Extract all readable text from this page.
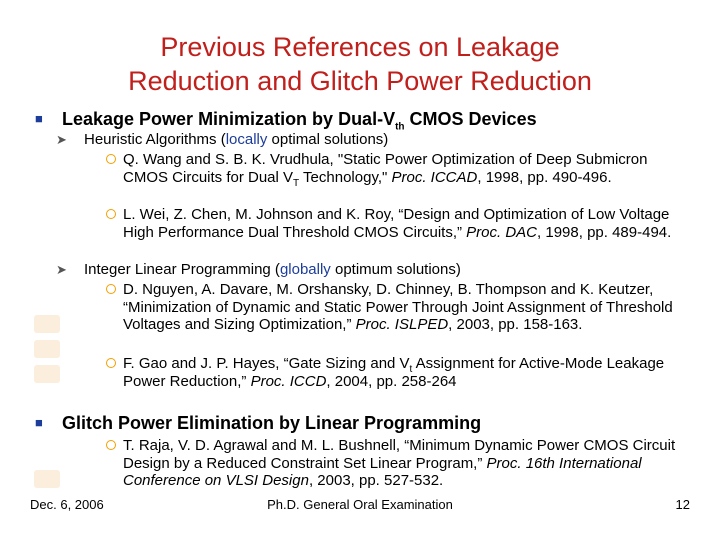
Previous References on Leakage
Reduction and Glitch Power Reduction
■ Leakage Power Minimization by Dual-$V_{th}$ CMOS Devices
➤ Heuristic Algorithms (locally optimal solutions)
Q. Wang and S. B. K. Vrudhula, "Static Power Optimization of Deep Submicron CMOS Circuits for Dual $V_T$ Technology," Proc. ICCAD, 1998, pp. 490-496.
L. Wei, Z. Chen, M. Johnson and K. Roy, “Design and Optimization of Low Voltage High Performance Dual Threshold CMOS Circuits,” Proc. DAC, 1998, pp. 489-494.
➤ Integer Linear Programming (globally optimum solutions)
D. Nguyen, A. Davare, M. Orshansky, D. Chinney, B. Thompson and K. Keutzer, “Minimization of Dynamic and Static Power Through Joint Assignment of Threshold Voltages and Sizing Optimization,” Proc. ISLPED, 2003, pp. 158-163.
F. Gao and J. P. Hayes, “Gate Sizing and $V_t$ Assignment for Active-Mode Leakage Power Reduction,” Proc. ICCD, 2004, pp. 258-264
■ Glitch Power Elimination by Linear Programming
T. Raja, V. D. Agrawal and M. L. Bushnell, “Minimum Dynamic Power CMOS Circuit Design by a Reduced Constraint Set Linear Program,” Proc. 16th International Conference on VLSI Design, 2003, pp. 527-532.
Dec. 6, 2006	Ph.D. General Oral Examination	12
